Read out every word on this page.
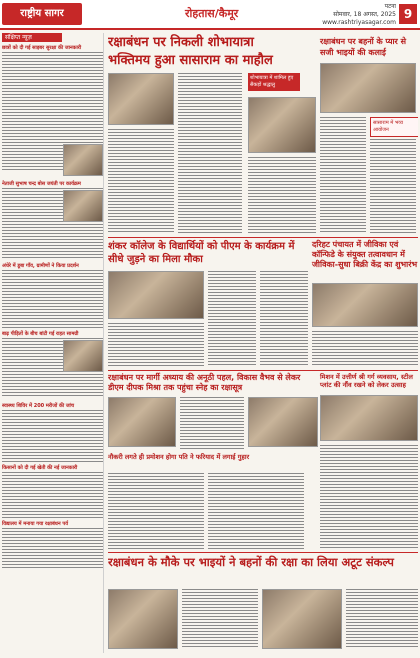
राष्ट्रीय सागर	रोहतास/कैमूर
पटना
सोमवार, 18 अगस्त, 2025
www.rashtriyasagar.com
9
संक्षिप्त न्यूज़
छात्रों को दी गई साइबर सुरक्षा की जानकारी
नेताजी सुभाष चन्द्र बोस जयंती पर कार्यक्रम
अंधेरे में डूबा गाँव, ग्रामीणों ने किया प्रदर्शन
बाढ़ पीड़ितों के बीच बांटी गई राहत सामग्री
स्वास्थ्य शिविर में 200 मरीजों की जांच
किसानों को दी गई खेती की नई जानकारी
विद्यालय में मनाया गया रक्षाबंधन पर्व
रक्षाबंधन पर निकली शोभायात्रा
भक्तिमय हुआ सासाराम का माहौल
रक्षाबंधन पर बहनों के प्यार से सजी भाइयों की कलाई
शोभायात्रा में शामिल हुए सैकड़ों श्रद्धालु
सासाराम में भव्य आयोजन
शंकर कॉलेज के विद्यार्थियों को पीएम के कार्यक्रम में सीधे जुड़ने का मिला मौका
दरिहट पंचायत में जीविका एवं कॉन्फिडे के संयुक्त तत्वावधान में जीविका-सुधा बिक्री केंद्र का शुभारंभ
रक्षाबंधन पर मार्गी अध्याय की अनूठी पहल, विकास वैभव से लेकर डीएम दीपक मिश्रा तक पहुंचा स्नेह का रक्षासूत्र
मिशन में उत्तीर्ण श्री गर्ग व्यवसाय, स्टील प्लांट की नौंव रखने को लेकर उत्साह
नौकरी लगते ही प्रमोशन होगा पति ने फरियाद में लगाई गुहार
रक्षाबंधन के मौके पर भाइयों ने बहनों की रक्षा का लिया अटूट संकल्प
